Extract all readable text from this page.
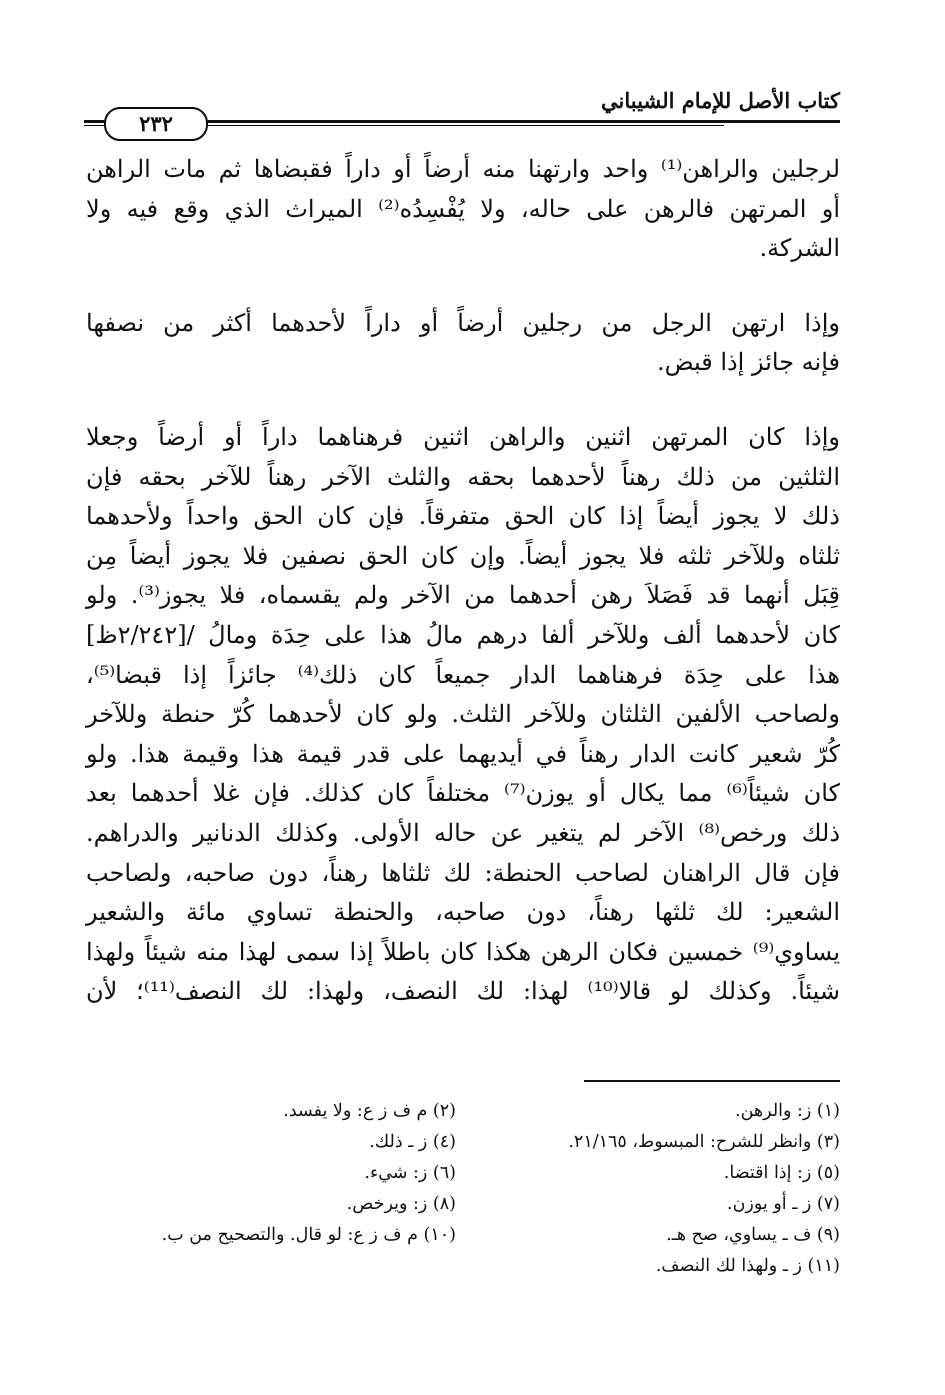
كتاب الأصل للإمام الشيباني
٢٣٢
لرجلين والراهن⁽¹⁾ واحد وارتهنا منه أرضاً أو داراً فقبضاها ثم مات الراهن
أو المرتهن فالرهن على حاله، ولا يُفْسِدُه⁽²⁾ الميراث الذي وقع فيه ولا
الشركة.
وإذا ارتهن الرجل من رجلين أرضاً أو داراً لأحدهما أكثر من نصفها
فإنه جائز إذا قبض.
وإذا كان المرتهن اثنين والراهن اثنين فرهناهما داراً أو أرضاً وجعلا
الثلثين من ذلك رهناً لأحدهما بحقه والثلث الآخر رهناً للآخر بحقه فإن
ذلك لا يجوز أيضاً إذا كان الحق متفرقاً. فإن كان الحق واحداً ولأحدهما
ثلثاه وللآخر ثلثه فلا يجوز أيضاً. وإن كان الحق نصفين فلا يجوز أيضاً مِن
قِبَل أنهما قد فَصَلاَ رهن أحدهما من الآخر ولم يقسماه، فلا يجوز⁽³⁾. ولو
كان لأحدهما ألف وللآخر ألفا درهم مالُ هذا على حِدَة ومالُ /[٢/٢٤٢ظ]
هذا على حِدَة فرهناهما الدار جميعاً كان ذلك⁽⁴⁾ جائزاً إذا قبضا⁽⁵⁾،
ولصاحب الألفين الثلثان وللآخر الثلث. ولو كان لأحدهما كُرّ حنطة وللآخر
كُرّ شعير كانت الدار رهناً في أيديهما على قدر قيمة هذا وقيمة هذا. ولو
كان شيئاً⁽⁶⁾ مما يكال أو يوزن⁽⁷⁾ مختلفاً كان كذلك. فإن غلا أحدهما بعد
ذلك ورخص⁽⁸⁾ الآخر لم يتغير عن حاله الأولى. وكذلك الدنانير والدراهم.
فإن قال الراهنان لصاحب الحنطة: لك ثلثاها رهناً، دون صاحبه، ولصاحب
الشعير: لك ثلثها رهناً، دون صاحبه، والحنطة تساوي مائة والشعير
يساوي⁽⁹⁾ خمسين فكان الرهن هكذا كان باطلاً إذا سمى لهذا منه شيئاً ولهذا
شيئاً. وكذلك لو قالا⁽¹⁰⁾ لهذا: لك النصف، ولهذا: لك النصف⁽¹¹⁾؛ لأن
(١) ز: والرهن.
(٣) وانظر للشرح: المبسوط، ٢١/١٦٥.
(٥) ز: إذا اقتضا.
(٧) ز ـ أو يوزن.
(٩) ف ـ يساوي، صح هـ.
(١١) ز ـ ولهذا لك النصف.
(٢) م ف ز ع: ولا يفسد.
(٤) ز ـ ذلك.
(٦) ز: شيء.
(٨) ز: ويرخص.
(١٠) م ف ز ع: لو قال. والتصحيح من ب.
